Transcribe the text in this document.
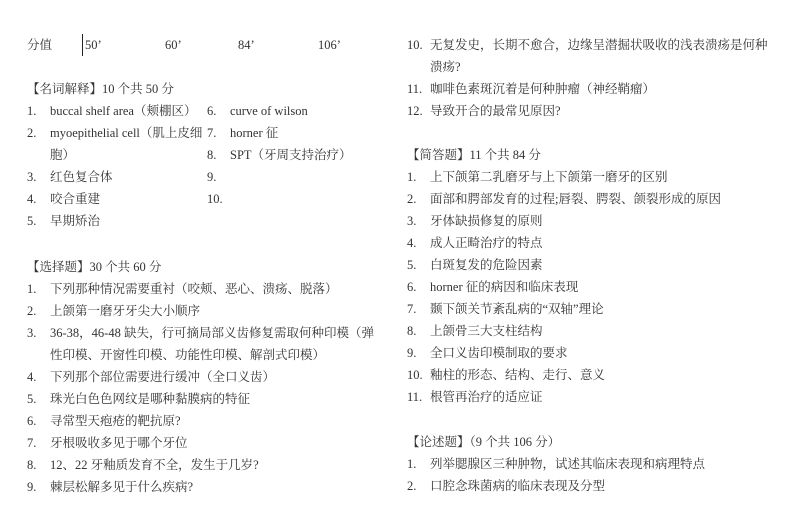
分值	50’	60’	84’	106’
【名词解释】10 个共 50 分
1.	buccal shelf area（颊棚区）
2.	myoepithelial cell（肌上皮细胞）
3.	红色复合体
4.	咬合重建
5.	早期矫治
6.	curve of wilson
7.	horner 征
8.	SPT（牙周支持治疗）
9.
10.
【选择题】30 个共 60 分
1.	下列那种情况需要重衬（咬颊、恶心、溃疡、脱落）
2.	上颌第一磨牙牙尖大小顺序
3.	36-38，46-48 缺失，行可摘局部义齿修复需取何种印模（弹性印模、开窗性印模、功能性印模、解剖式印模）
4.	下列那个部位需要进行缓冲（全口义齿）
5.	珠光白色色网纹是哪种黏膜病的特征
6.	寻常型天疱疮的靶抗原?
7.	牙根吸收多见于哪个牙位
8.	12、22 牙釉质发育不全，发生于几岁?
9.	棘层松解多见于什么疾病?
10. 无复发史，长期不愈合，边缘呈潜掘状吸收的浅表溃疡是何种溃疡?
11. 咖啡色素斑沉着是何种肿瘤（神经鞘瘤）
12. 导致开合的最常见原因?
【简答题】11 个共 84 分
1.	上下颌第二乳磨牙与上下颌第一磨牙的区别
2.	面部和腭部发育的过程;唇裂、腭裂、颌裂形成的原因
3.	牙体缺损修复的原则
4.	成人正畸治疗的特点
5.	白斑复发的危险因素
6.	horner 征的病因和临床表现
7.	颞下颌关节紊乱病的“双轴”理论
8.	上颌骨三大支柱结构
9.	全口义齿印模制取的要求
10. 釉柱的形态、结构、走行、意义
11. 根管再治疗的适应证
【论述题】（9 个共 106 分）
1.	列举腮腺区三种肿物，试述其临床表现和病理特点
2.	口腔念珠菌病的临床表现及分型
